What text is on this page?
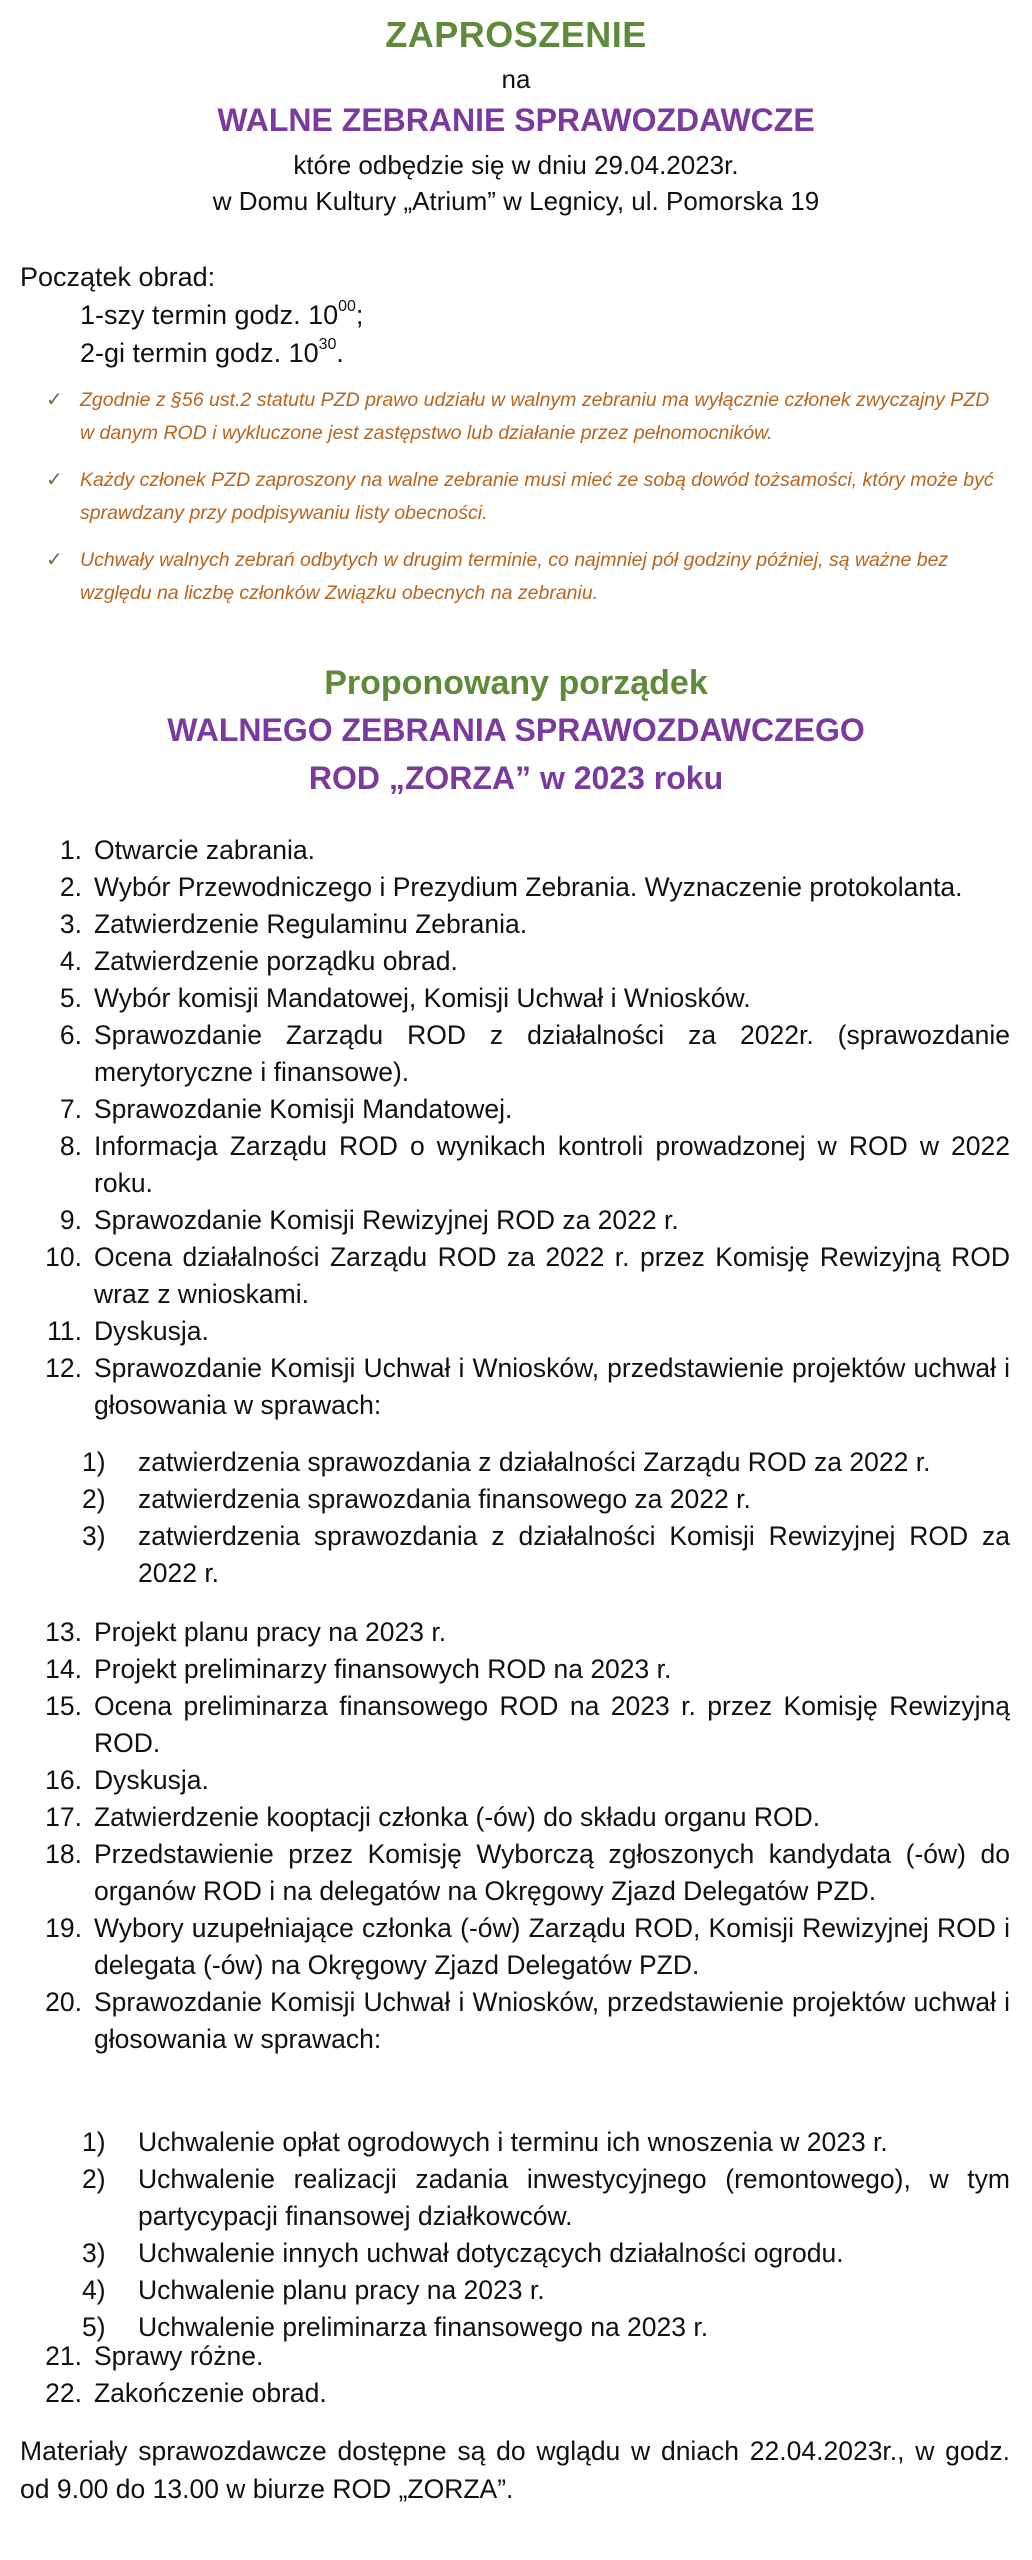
ZAPROSZENIE
na
WALNE ZEBRANIE SPRAWOZDAWCZE
które odbędzie się w dniu 29.04.2023r.
w Domu Kultury „Atrium” w Legnicy, ul. Pomorska 19
Początek obrad:
1-szy termin godz. $10^{00}$;
2-gi termin godz. $10^{30}$.
✓ Zgodnie z §56 ust.2 statutu PZD prawo udziału w walnym zebraniu ma wyłącznie członek zwyczajny PZD w danym ROD i wykluczone jest zastępstwo lub działanie przez pełnomocników.
✓ Każdy członek PZD zaproszony na walne zebranie musi mieć ze sobą dowód tożsamości, który może być sprawdzany przy podpisywaniu listy obecności.
✓ Uchwały walnych zebrań odbytych w drugim terminie, co najmniej pół godziny później, są ważne bez względu na liczbę członków Związku obecnych na zebraniu.
Proponowany porządek
WALNEGO ZEBRANIA SPRAWOZDAWCZEGO
ROD „ZORZA” w 2023 roku
1. Otwarcie zabrania.
2. Wybór Przewodniczego i Prezydium Zebrania. Wyznaczenie protokolanta.
3. Zatwierdzenie Regulaminu Zebrania.
4. Zatwierdzenie porządku obrad.
5. Wybór komisji Mandatowej, Komisji Uchwał i Wniosków.
6. Sprawozdanie Zarządu ROD z działalności za 2022r. (sprawozdanie merytoryczne i finansowe).
7. Sprawozdanie Komisji Mandatowej.
8. Informacja Zarządu ROD o wynikach kontroli prowadzonej w ROD w 2022 roku.
9. Sprawozdanie Komisji Rewizyjnej ROD za 2022 r.
10. Ocena działalności Zarządu ROD za 2022 r. przez Komisję Rewizyjną ROD wraz z wnioskami.
11. Dyskusja.
12. Sprawozdanie Komisji Uchwał i Wniosków, przedstawienie projektów uchwał i głosowania w sprawach:
1)	zatwierdzenia sprawozdania z działalności Zarządu ROD za 2022 r.
2)	zatwierdzenia sprawozdania finansowego za 2022 r.
3)	zatwierdzenia sprawozdania z działalności Komisji Rewizyjnej ROD za 2022 r.
13. Projekt planu pracy na 2023 r.
14. Projekt preliminarzy finansowych ROD na 2023 r.
15. Ocena preliminarza finansowego ROD na 2023 r. przez Komisję Rewizyjną ROD.
16. Dyskusja.
17. Zatwierdzenie kooptacji członka (-ów) do składu organu ROD.
18. Przedstawienie przez Komisję Wyborczą zgłoszonych kandydata (-ów) do organów ROD i na delegatów na Okręgowy Zjazd Delegatów PZD.
19. Wybory uzupełniające członka (-ów) Zarządu ROD, Komisji Rewizyjnej ROD i delegata (-ów) na Okręgowy Zjazd Delegatów PZD.
20. Sprawozdanie Komisji Uchwał i Wniosków, przedstawienie projektów uchwał i głosowania w sprawach:
1)	Uchwalenie opłat ogrodowych i terminu ich wnoszenia w 2023 r.
2)	Uchwalenie realizacji zadania inwestycyjnego (remontowego), w tym partycypacji finansowej działkowców.
3)	Uchwalenie innych uchwał dotyczących działalności ogrodu.
4)	Uchwalenie planu pracy na 2023 r.
5)	Uchwalenie preliminarza finansowego na 2023 r.
21. Sprawy różne.
22. Zakończenie obrad.
Materiały sprawozdawcze dostępne są do wglądu w dniach 22.04.2023r., w godz. od 9.00 do 13.00 w biurze ROD „ZORZA”.
